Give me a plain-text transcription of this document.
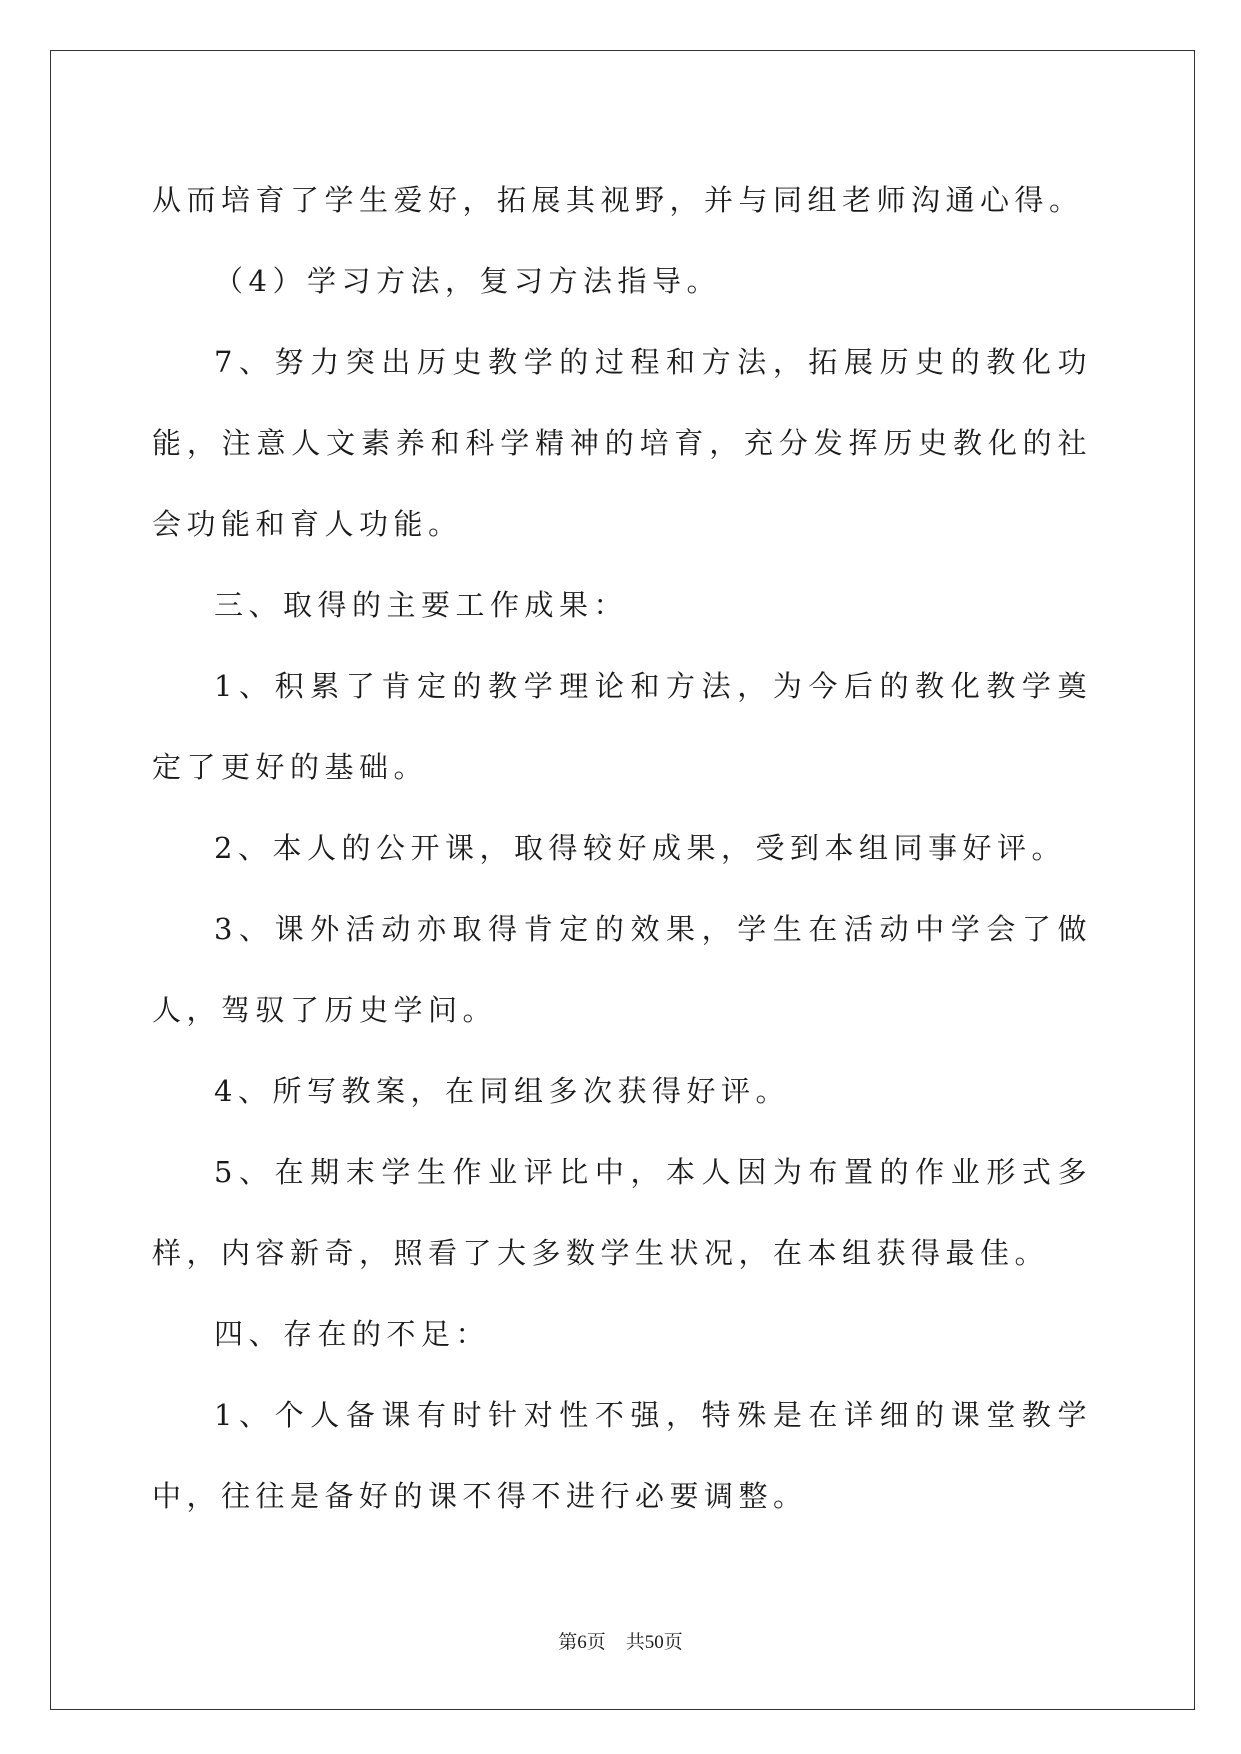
从而培育了学生爱好，拓展其视野，并与同组老师沟通心得。

（4）学习方法，复习方法指导。

7、努力突出历史教学的过程和方法，拓展历史的教化功能，注意人文素养和科学精神的培育，充分发挥历史教化的社会功能和育人功能。

三、取得的主要工作成果：

1、积累了肯定的教学理论和方法，为今后的教化教学奠定了更好的基础。

2、本人的公开课，取得较好成果，受到本组同事好评。

3、课外活动亦取得肯定的效果，学生在活动中学会了做人，驾驭了历史学问。

4、所写教案，在同组多次获得好评。

5、在期末学生作业评比中，本人因为布置的作业形式多样，内容新奇，照看了大多数学生状况，在本组获得最佳。

四、存在的不足：

1、个人备课有时针对性不强，特殊是在详细的课堂教学中，往往是备好的课不得不进行必要调整。

第6页 共50页
